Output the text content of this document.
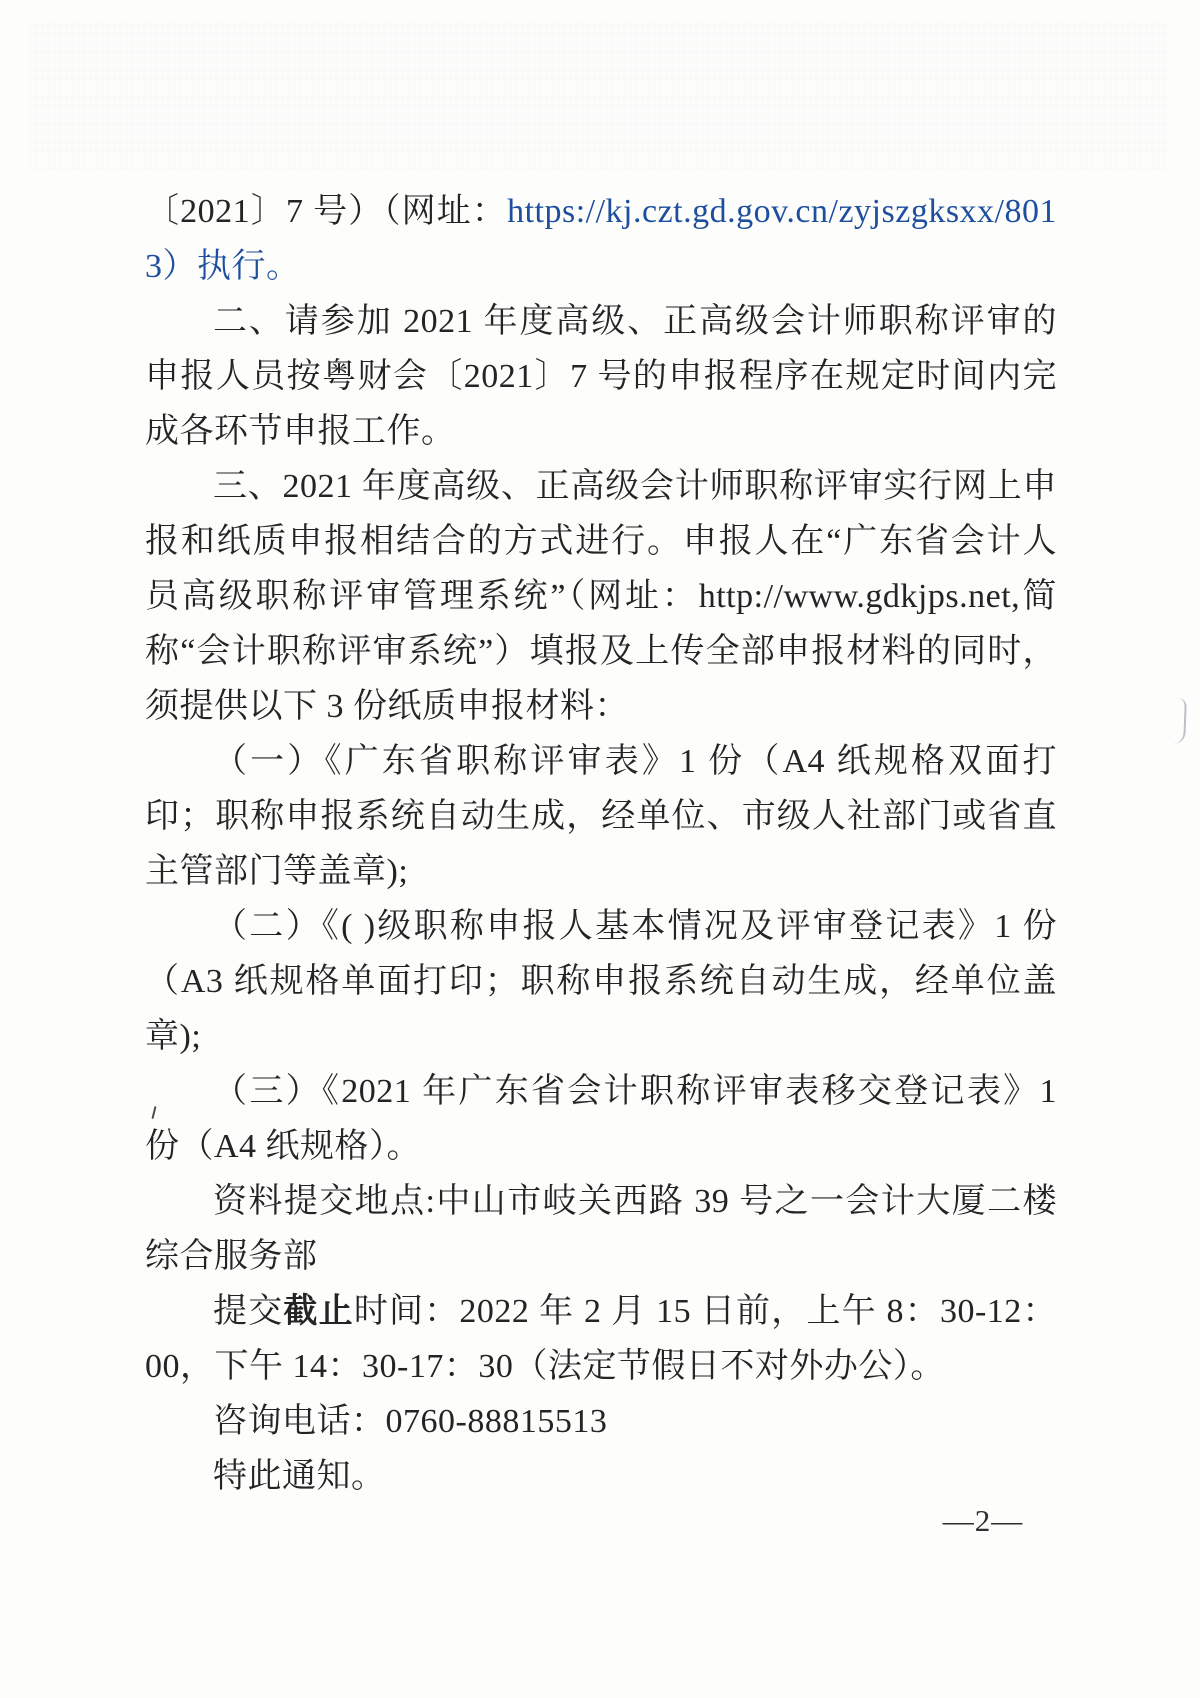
〔2021〕7 号）（网址：https://kj.czt.gd.gov.cn/zyjszgksxx/8013）执行。

二、请参加 2021 年度高级、正高级会计师职称评审的申报人员按粤财会〔2021〕7 号的申报程序在规定时间内完成各环节申报工作。

三、2021 年度高级、正高级会计师职称评审实行网上申报和纸质申报相结合的方式进行。申报人在“广东省会计人员高级职称评审管理系统”（网址：http://www.gdkjps.net,简称“会计职称评审系统”）填报及上传全部申报材料的同时，须提供以下 3 份纸质申报材料：

（一）《广东省职称评审表》1 份（A4 纸规格双面打印；职称申报系统自动生成，经单位、市级人社部门或省直主管部门等盖章);

（二）《( )级职称申报人基本情况及评审登记表》1 份（A3 纸规格单面打印；职称申报系统自动生成，经单位盖章);

（三）《2021 年广东省会计职称评审表移交登记表》1 份（A4 纸规格）。

资料提交地点:中山市岐关西路 39 号之一会计大厦二楼综合服务部

提交截止时间：2022 年 2 月 15 日前，上午 8：30-12：00，下午 14：30-17：30（法定节假日不对外办公）。

咨询电话：0760-88815513

特此通知。

—2—
